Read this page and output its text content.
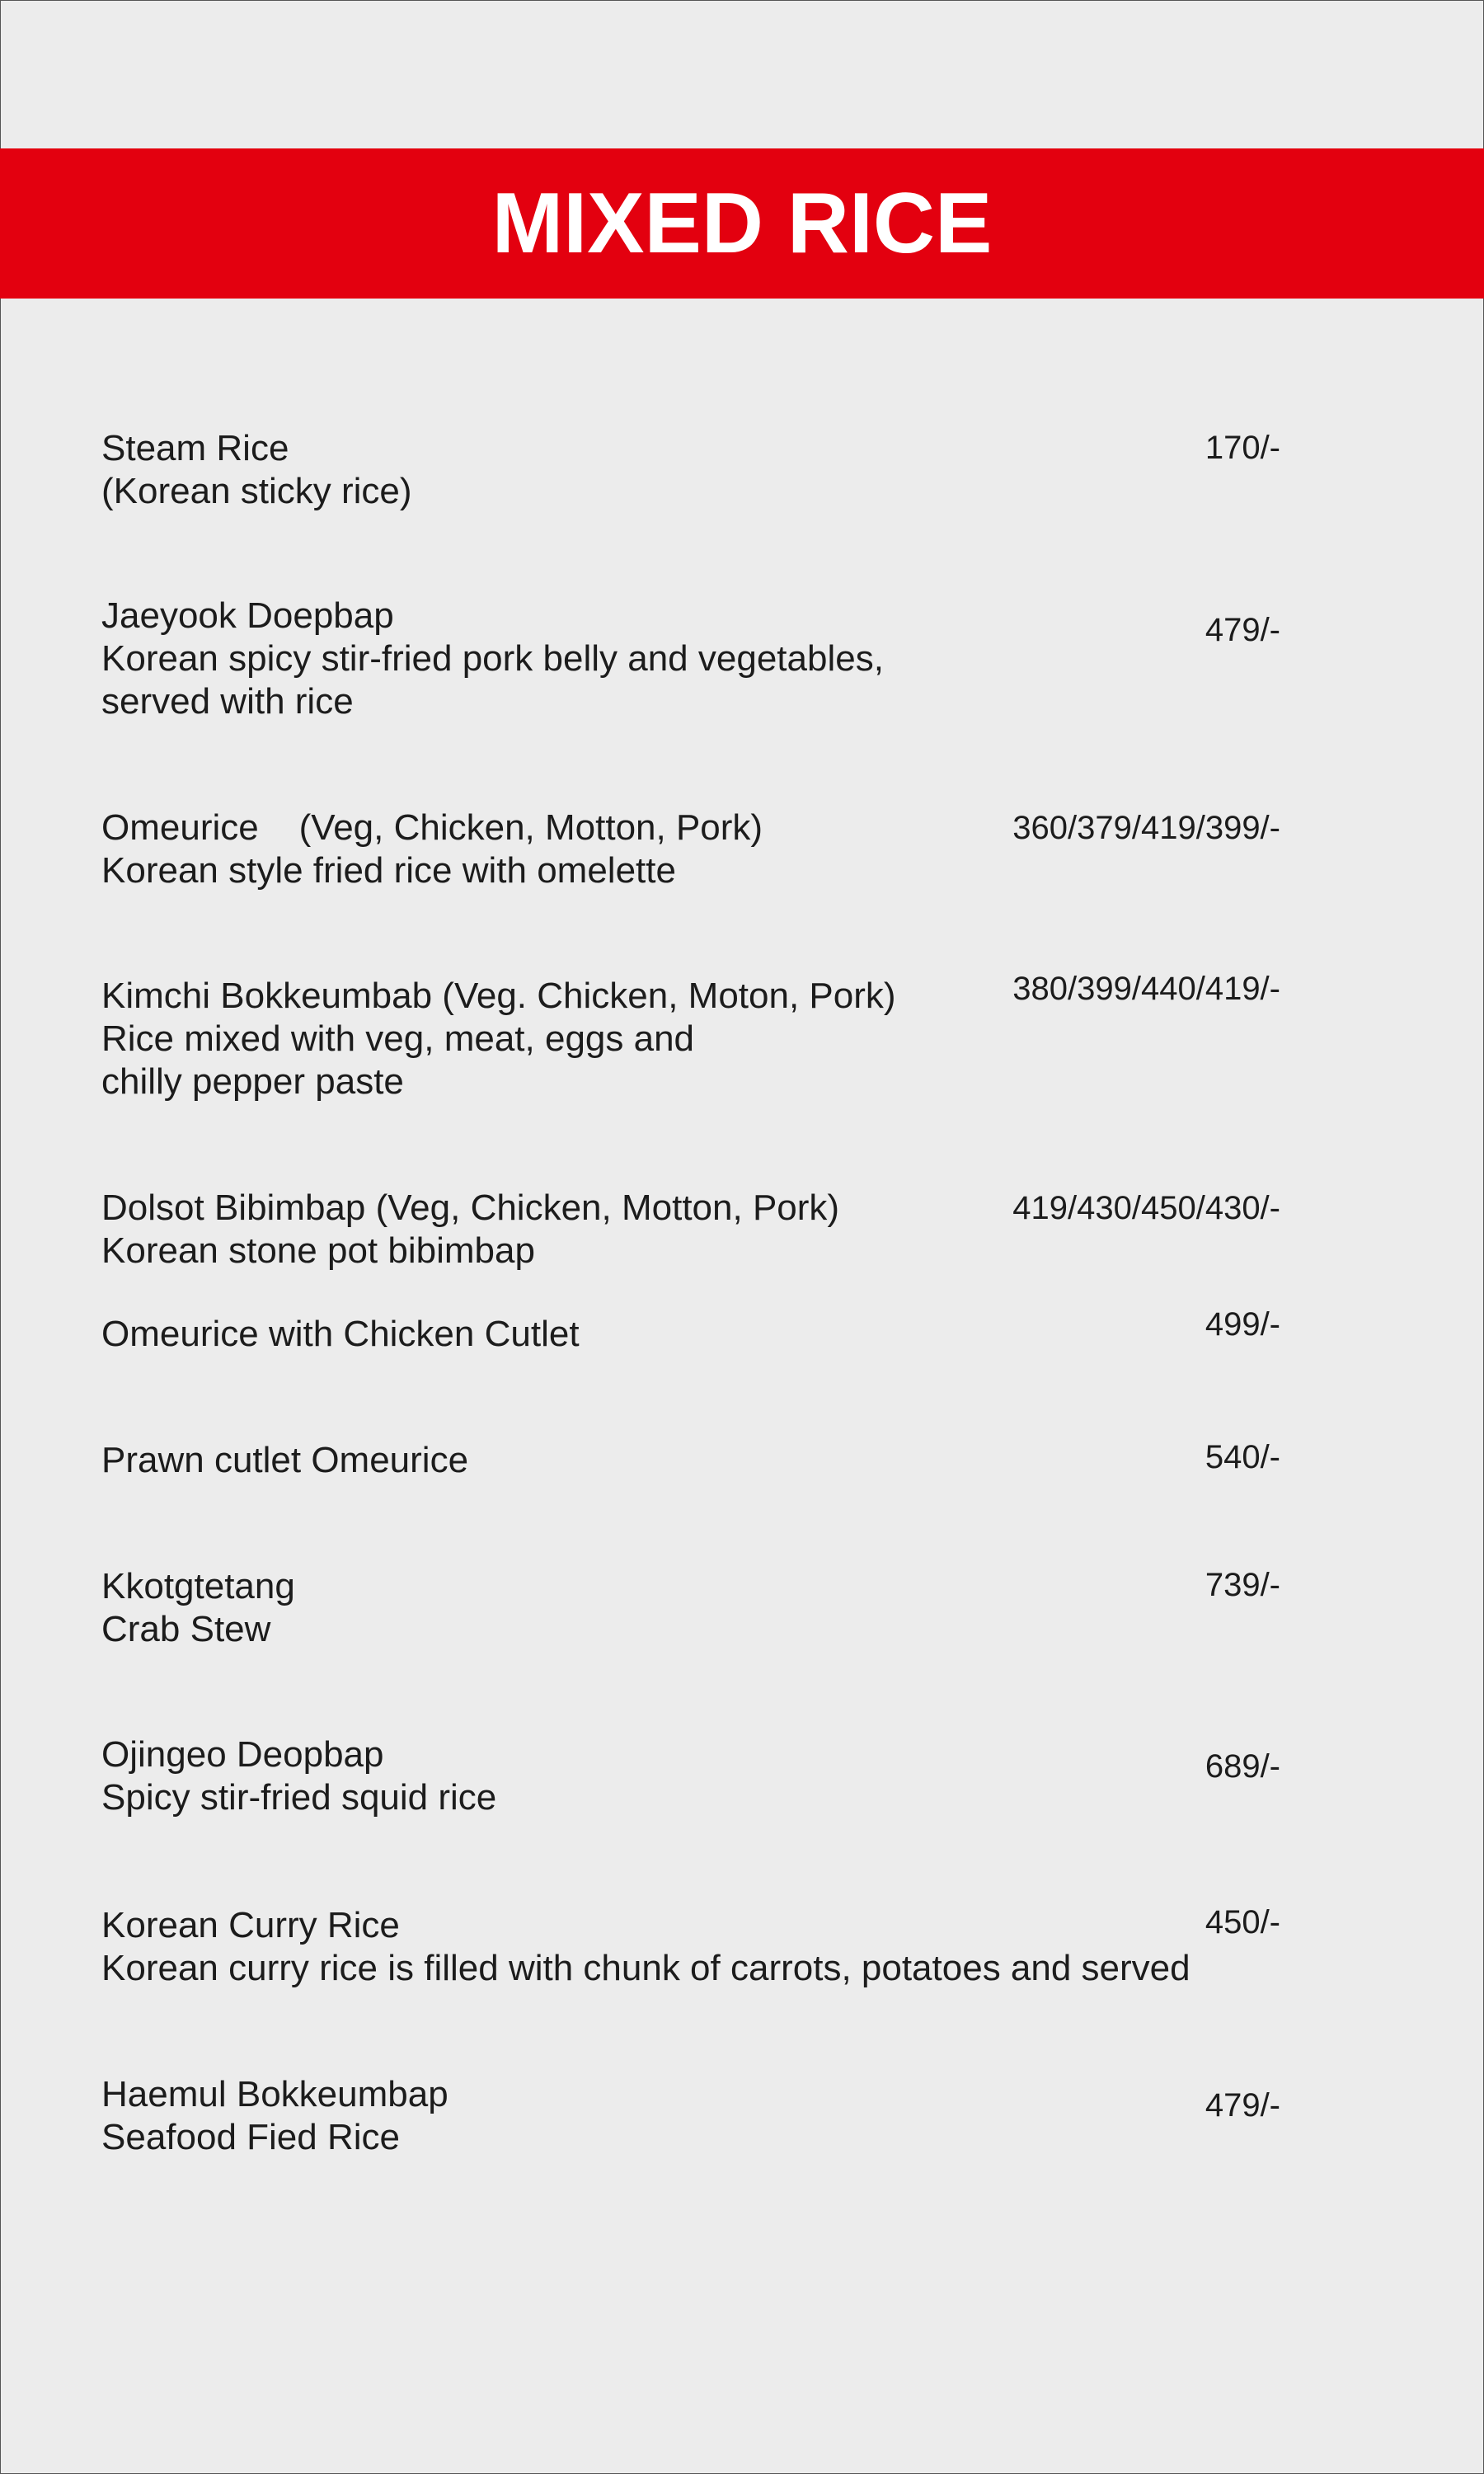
MIXED RICE
Steam Rice
(Korean sticky rice)
170/-
Jaeyook Doepbap
Korean spicy stir-fried pork belly and vegetables,
served with rice
479/-
Omeurice    (Veg, Chicken, Motton, Pork)
Korean style fried rice with omelette
360/379/419/399/-
Kimchi Bokkeumbab (Veg. Chicken, Moton, Pork)
Rice mixed with veg, meat, eggs and
chilly pepper paste
380/399/440/419/-
Dolsot Bibimbap (Veg, Chicken, Motton, Pork)
Korean stone pot bibimbap
419/430/450/430/-
Omeurice with Chicken Cutlet	499/-
Prawn cutlet Omeurice	540/-
Kkotgtetang
Crab Stew
739/-
Ojingeo Deopbap
Spicy stir-fried squid rice
689/-
Korean Curry Rice
Korean curry rice is filled with chunk of carrots, potatoes and served
450/-
Haemul Bokkeumbap
Seafood Fied Rice
479/-
